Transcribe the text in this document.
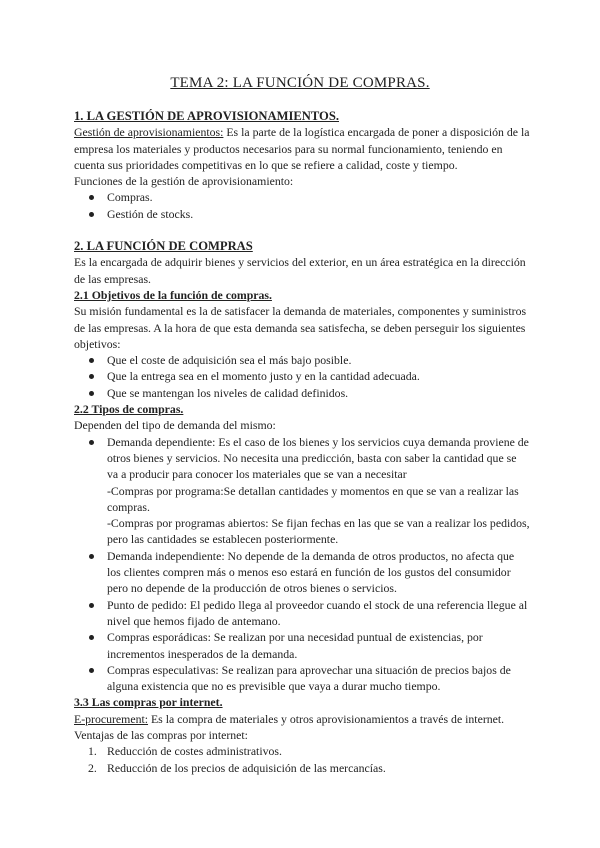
TEMA 2: LA FUNCIÓN DE COMPRAS.

1. LA GESTIÓN DE APROVISIONAMIENTOS.

Gestión de aprovisionamientos: Es la parte de la logística encargada de poner a disposición de la empresa los materiales y productos necesarios para su normal funcionamiento, teniendo en cuenta sus prioridades competitivas en lo que se refiere a calidad, coste y tiempo.

Funciones de la gestión de aprovisionamiento:

Compras.
Gestión de stocks.

2. LA FUNCIÓN DE COMPRAS

Es la encargada de adquirir bienes y servicios del exterior, en un área estratégica en la dirección de las empresas.

2.1 Objetivos de la función de compras.

Su misión fundamental es la de satisfacer la demanda de materiales, componentes y suministros de las empresas. A la hora de que esta demanda sea satisfecha, se deben perseguir los siguientes objetivos:

Que el coste de adquisición sea el más bajo posible.
Que la entrega sea en el momento justo y en la cantidad adecuada.
Que se mantengan los niveles de calidad definidos.

2.2 Tipos de compras.

Dependen del tipo de demanda del mismo:

Demanda dependiente: Es el caso de los bienes y los servicios cuya demanda proviene de otros bienes y servicios. No necesita una predicción, basta con saber la cantidad que se va a producir para conocer los materiales que se van a necesitar
-Compras por programa:Se detallan cantidades y momentos en que se van a realizar las compras.
-Compras por programas abiertos: Se fijan fechas en las que se van a realizar los pedidos, pero las cantidades se establecen posteriormente.
Demanda independiente: No depende de la demanda de otros productos, no afecta que los clientes compren más o menos eso estará en función de los gustos del consumidor pero no depende de la producción de otros bienes o servicios.
Punto de pedido: El pedido llega al proveedor cuando el stock de una referencia llegue al nivel que hemos fijado de antemano.
Compras esporádicas: Se realizan por una necesidad puntual de existencias, por incrementos inesperados de la demanda.
Compras especulativas: Se realizan para aprovechar una situación de precios bajos de alguna existencia que no es previsible que vaya a durar mucho tiempo.

3.3 Las compras por internet.

E-procurement: Es la compra de materiales y otros aprovisionamientos a través de internet.

Ventajas de las compras por internet:

1. Reducción de costes administrativos.
2. Reducción de los precios de adquisición de las mercancías.
